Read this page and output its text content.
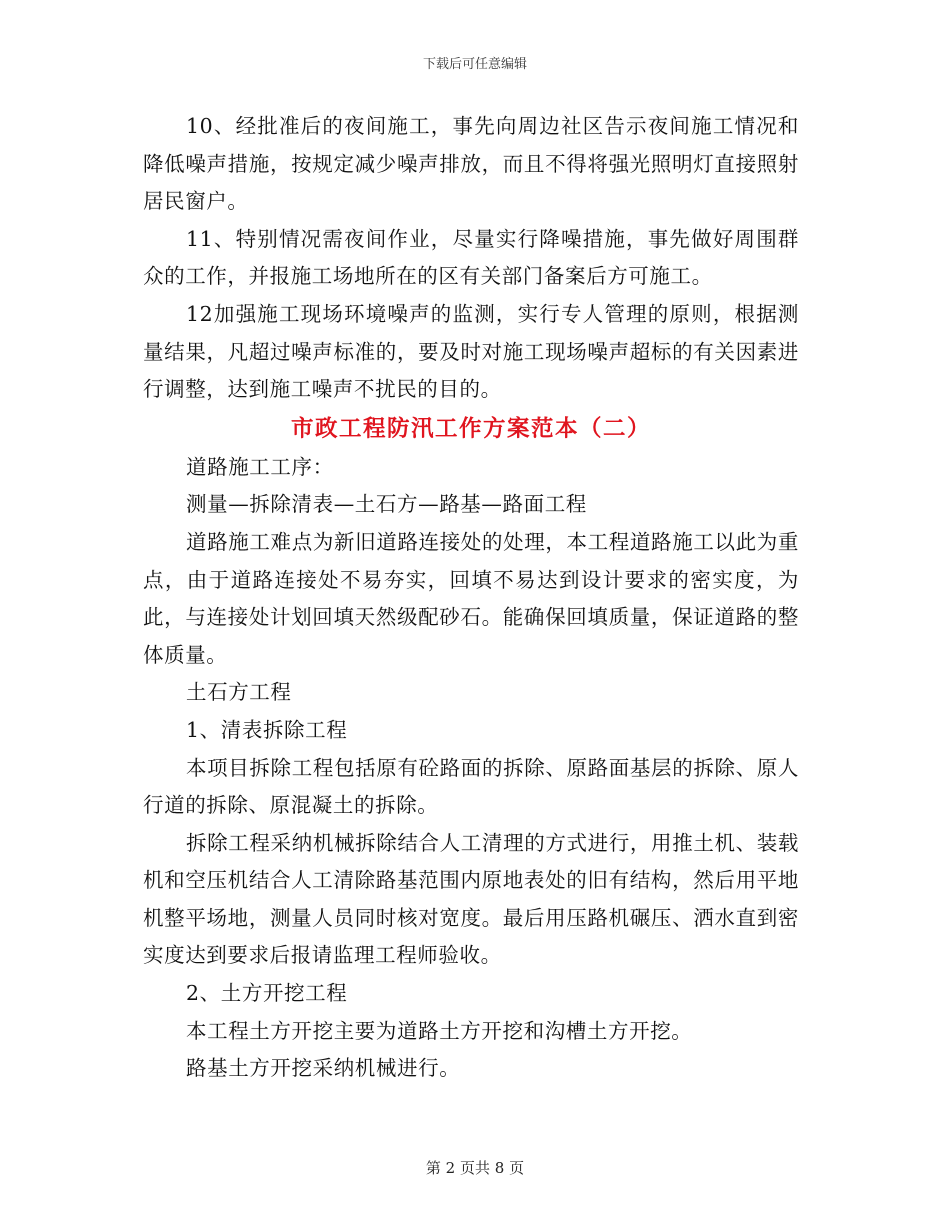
下载后可任意编辑

10、经批准后的夜间施工，事先向周边社区告示夜间施工情况和降低噪声措施，按规定减少噪声排放，而且不得将强光照明灯直接照射居民窗户。

11、特别情况需夜间作业，尽量实行降噪措施，事先做好周围群众的工作，并报施工场地所在的区有关部门备案后方可施工。

12加强施工现场环境噪声的监测，实行专人管理的原则，根据测量结果，凡超过噪声标准的，要及时对施工现场噪声超标的有关因素进行调整，达到施工噪声不扰民的目的。

市政工程防汛工作方案范本（二）

道路施工工序：

测量—拆除清表—土石方—路基—路面工程

道路施工难点为新旧道路连接处的处理，本工程道路施工以此为重点，由于道路连接处不易夯实，回填不易达到设计要求的密实度，为此，与连接处计划回填天然级配砂石。能确保回填质量，保证道路的整体质量。

土石方工程

1、清表拆除工程

本项目拆除工程包括原有砼路面的拆除、原路面基层的拆除、原人行道的拆除、原混凝土的拆除。

拆除工程采纳机械拆除结合人工清理的方式进行，用推土机、装载机和空压机结合人工清除路基范围内原地表处的旧有结构，然后用平地机整平场地，测量人员同时核对宽度。最后用压路机碾压、洒水直到密实度达到要求后报请监理工程师验收。

2、土方开挖工程

本工程土方开挖主要为道路土方开挖和沟槽土方开挖。

路基土方开挖采纳机械进行。

第 2 页共 8 页
